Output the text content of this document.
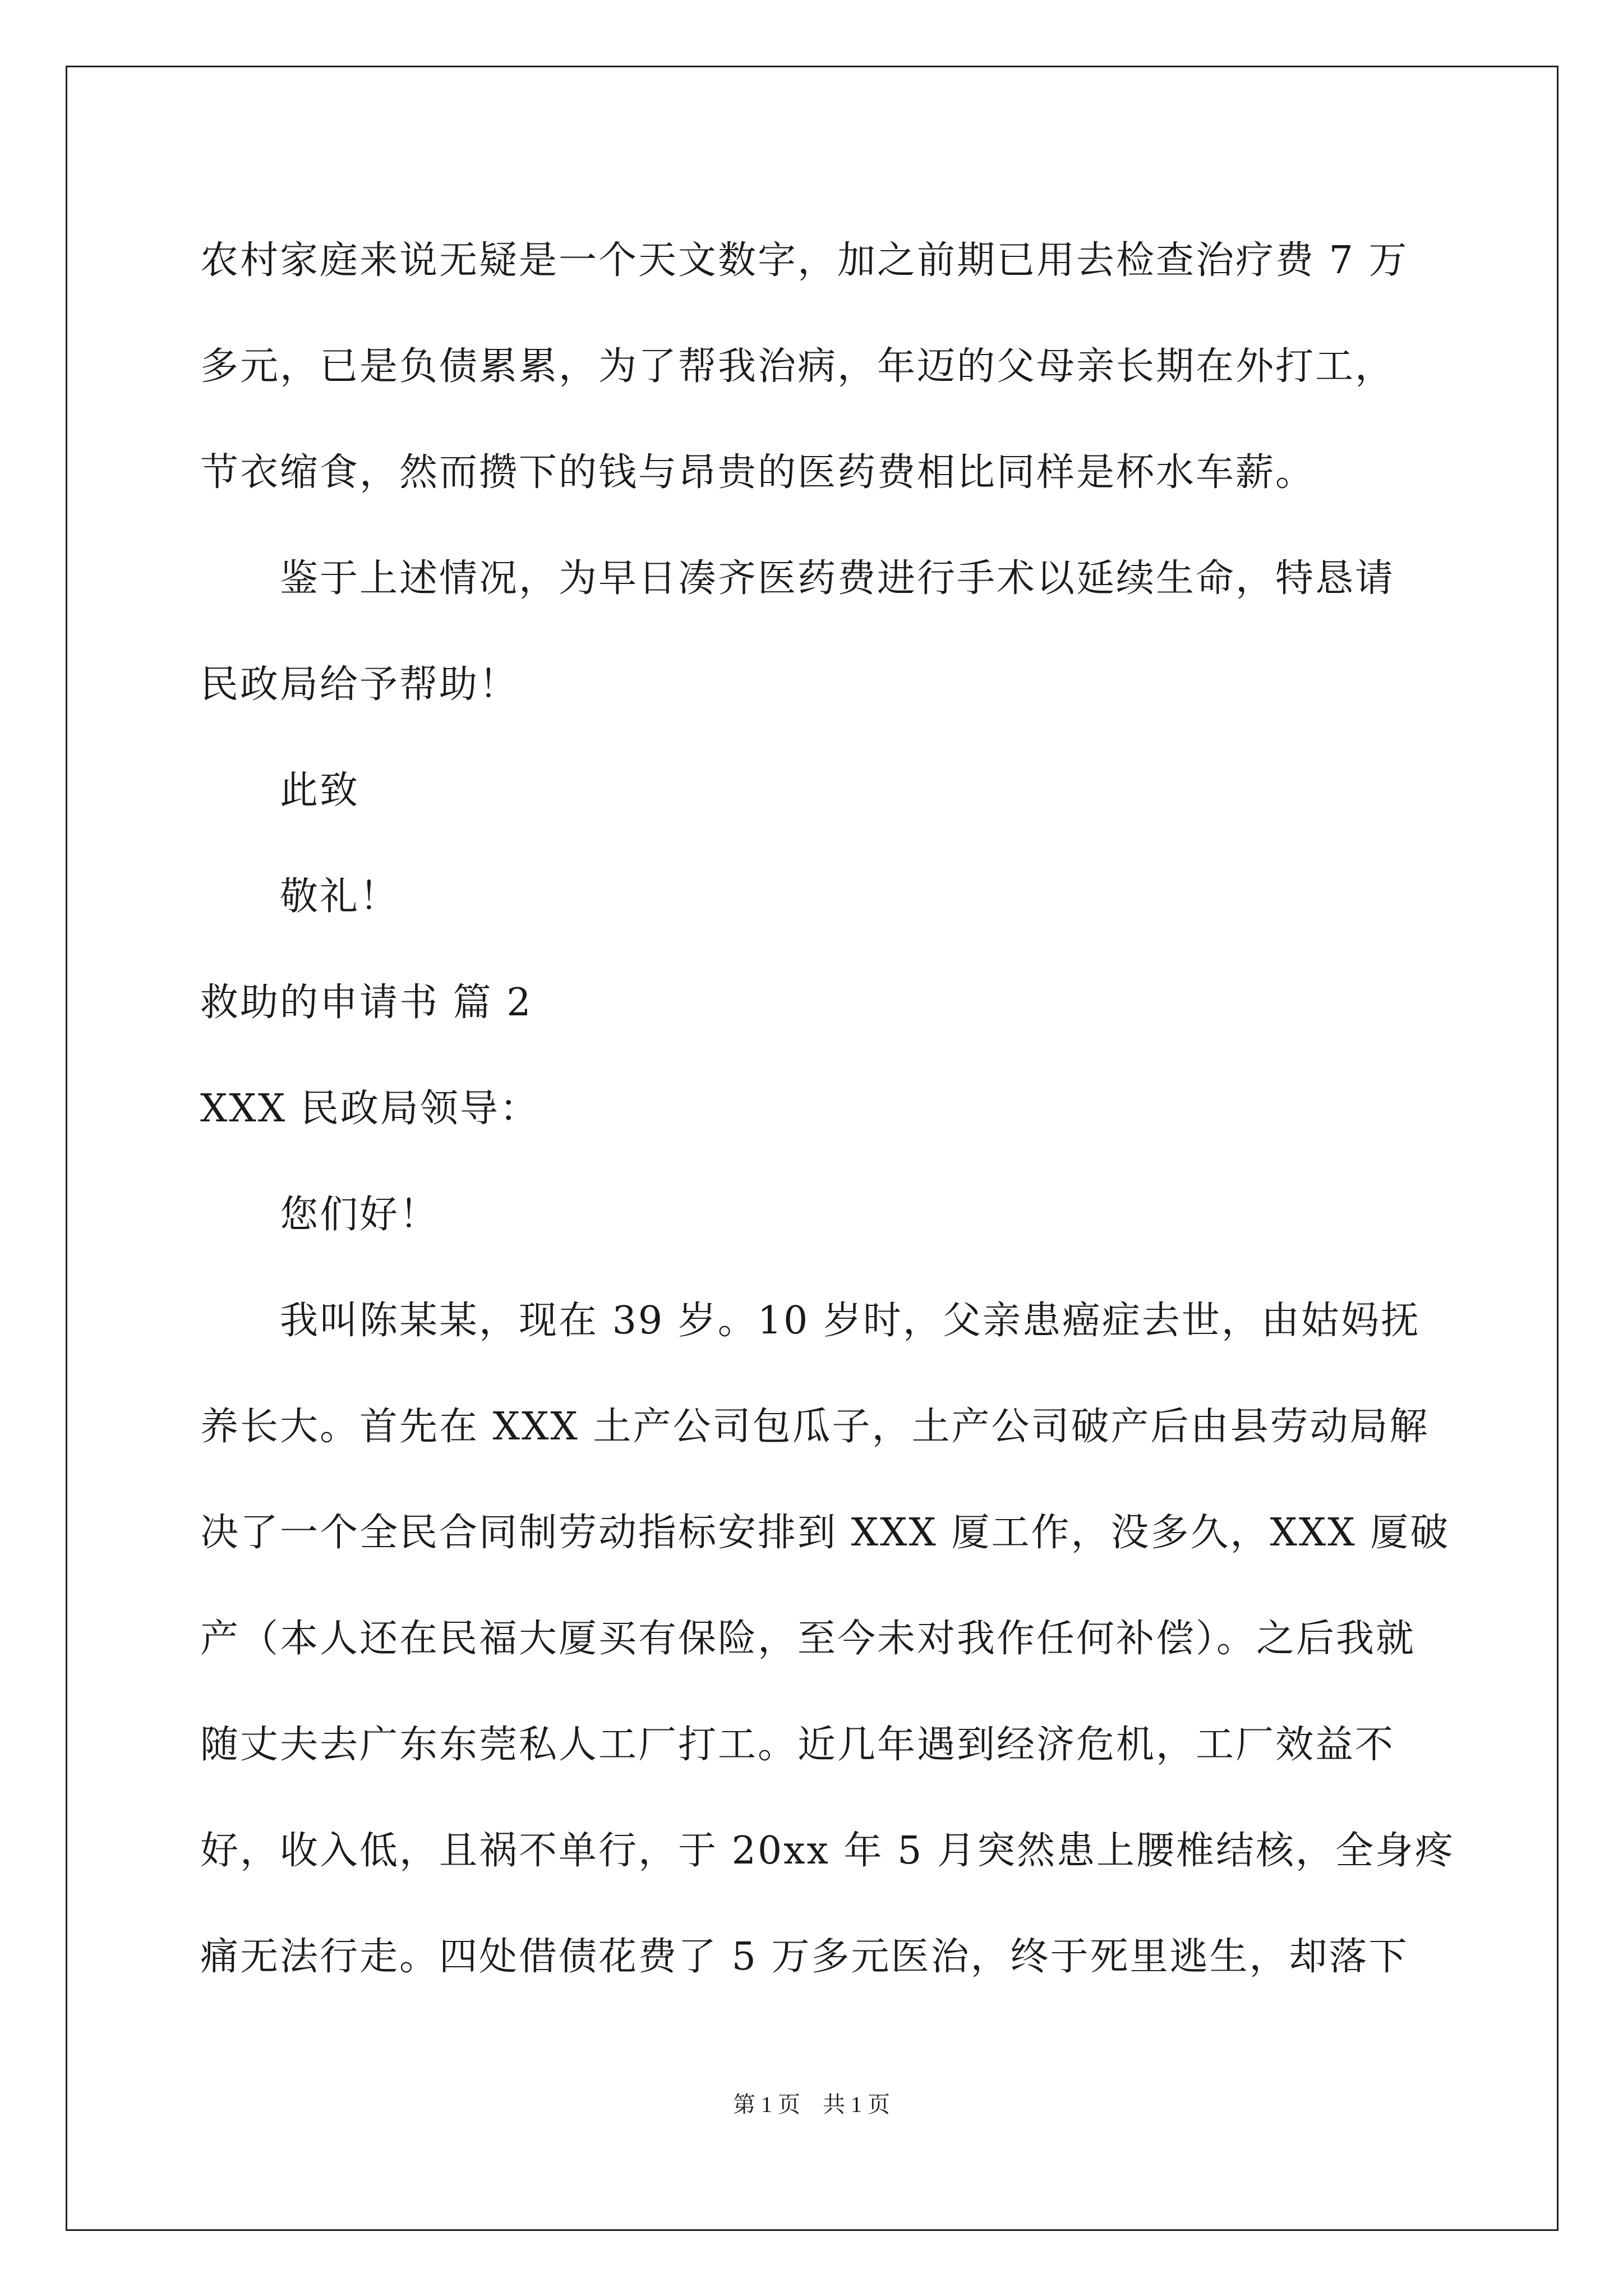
农村家庭来说无疑是一个天文数字，加之前期已用去检查治疗费 7 万
多元，已是负债累累，为了帮我治病，年迈的父母亲长期在外打工，
节衣缩食，然而攒下的钱与昂贵的医药费相比同样是杯水车薪。
鉴于上述情况，为早日凑齐医药费进行手术以延续生命，特恳请
民政局给予帮助！
此致
敬礼！
救助的申请书 篇 2
XXX 民政局领导：
您们好！
我叫陈某某，现在 39 岁。10 岁时，父亲患癌症去世，由姑妈抚
养长大。首先在 XXX 土产公司包瓜子，土产公司破产后由县劳动局解
决了一个全民合同制劳动指标安排到 XXX 厦工作，没多久，XXX 厦破
产（本人还在民福大厦买有保险，至今未对我作任何补偿）。之后我就
随丈夫去广东东莞私人工厂打工。近几年遇到经济危机，工厂效益不
好，收入低，且祸不单行，于 20xx 年 5 月突然患上腰椎结核，全身疼
痛无法行走。四处借债花费了 5 万多元医治，终于死里逃生，却落下
第 1 页 共 1 页
